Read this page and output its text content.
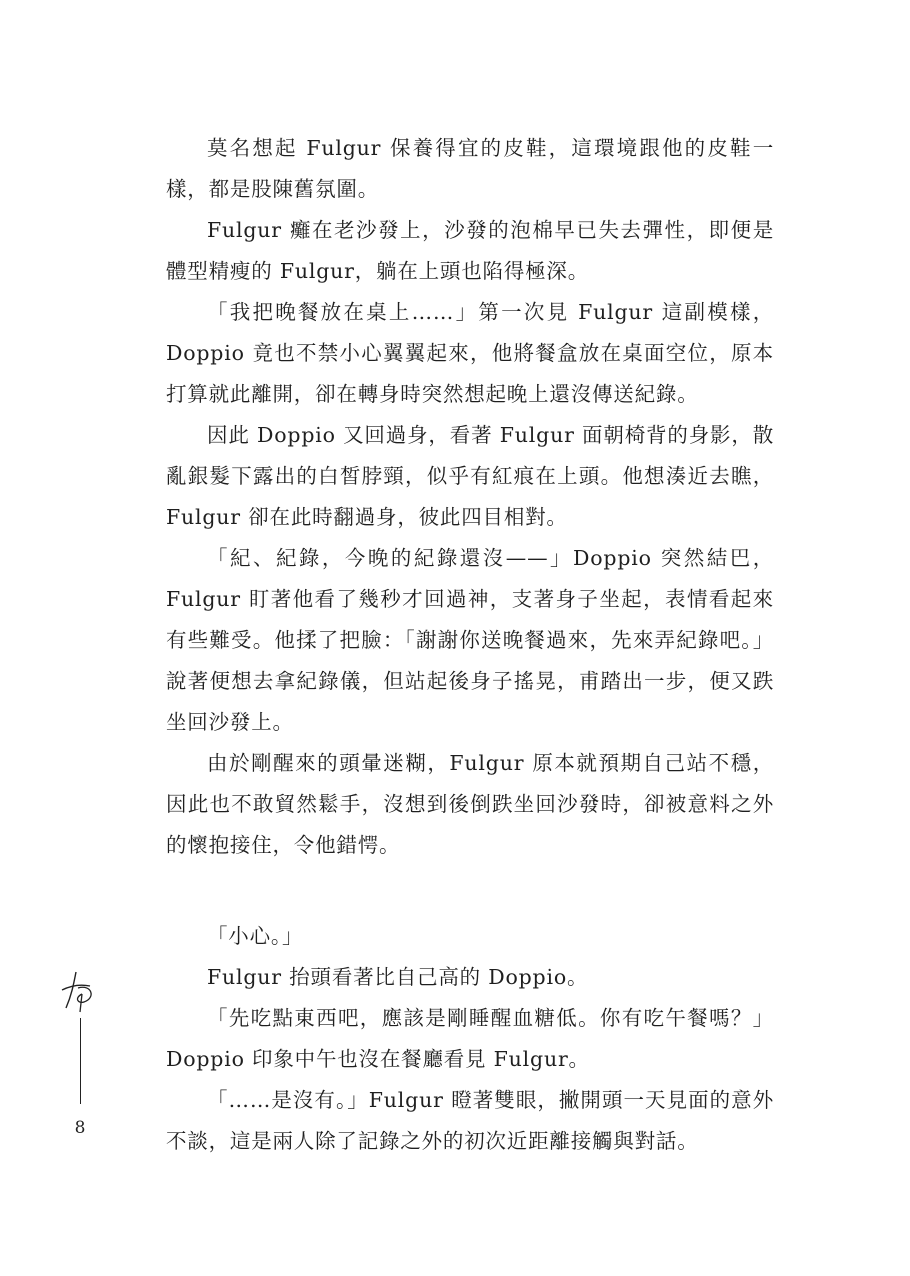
莫名想起 Fulgur 保養得宜的皮鞋，這環境跟他的皮鞋一樣，都是股陳舊氛圍。

Fulgur 癱在老沙發上，沙發的泡棉早已失去彈性，即便是體型精瘦的 Fulgur，躺在上頭也陷得極深。

「我把晚餐放在桌上……」第一次見 Fulgur 這副模樣，Doppio 竟也不禁小心翼翼起來，他將餐盒放在桌面空位，原本打算就此離開，卻在轉身時突然想起晚上還沒傳送紀錄。

因此 Doppio 又回過身，看著 Fulgur 面朝椅背的身影，散亂銀髮下露出的白皙脖頸，似乎有紅痕在上頭。他想湊近去瞧，Fulgur 卻在此時翻過身，彼此四目相對。

「紀、紀錄，今晚的紀錄還沒——」Doppio 突然結巴，Fulgur 盯著他看了幾秒才回過神，支著身子坐起，表情看起來有些難受。他揉了把臉：「謝謝你送晚餐過來，先來弄紀錄吧。」說著便想去拿紀錄儀，但站起後身子搖晃，甫踏出一步，便又跌坐回沙發上。

由於剛醒來的頭暈迷糊，Fulgur 原本就預期自己站不穩，因此也不敢貿然鬆手，沒想到後倒跌坐回沙發時，卻被意料之外的懷抱接住，令他錯愕。

「小心。」

Fulgur 抬頭看著比自己高的 Doppio。

「先吃點東西吧，應該是剛睡醒血糖低。你有吃午餐嗎？」Doppio 印象中午也沒在餐廳看見 Fulgur。

「……是沒有。」Fulgur 瞪著雙眼，撇開頭一天見面的意外不談，這是兩人除了記錄之外的初次近距離接觸與對話。

8
